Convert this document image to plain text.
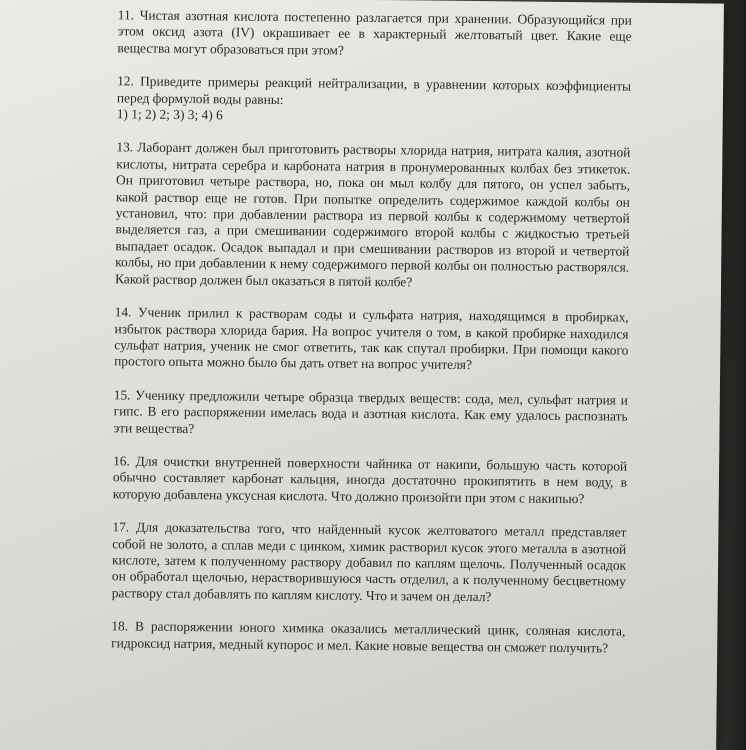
11. Чистая азотная кислота постепенно разлагается при хранении. Образующийся при этом оксид азота (IV) окрашивает ее в характерный желтоватый цвет. Какие еще вещества могут образоваться при этом?

12. Приведите примеры реакций нейтрализации, в уравнении которых коэффициенты перед формулой воды равны:

1) 1; 2) 2; 3) 3; 4) 6

13. Лаборант должен был приготовить растворы хлорида натрия, нитрата калия, азотной кислоты, нитрата серебра и карбоната натрия в пронумерованных колбах без этикеток. Он приготовил четыре раствора, но, пока он мыл колбу для пятого, он успел забыть, какой раствор еще не готов. При попытке определить содержимое каждой колбы он установил, что: при добавлении раствора из первой колбы к содержимому четвертой выделяется газ, а при смешивании содержимого второй колбы с жидкостью третьей выпадает осадок. Осадок выпадал и при смешивании растворов из второй и четвертой колбы, но при добавлении к нему содержимого первой колбы он полностью растворялся. Какой раствор должен был оказаться в пятой колбе?

14. Ученик прилил к растворам соды и сульфата натрия, находящимся в пробирках, избыток раствора хлорида бария. На вопрос учителя о том, в какой пробирке находился сульфат натрия, ученик не смог ответить, так как спутал пробирки. При помощи какого простого опыта можно было бы дать ответ на вопрос учителя?

15. Ученику предложили четыре образца твердых веществ: сода, мел, сульфат натрия и гипс. В его распоряжении имелась вода и азотная кислота. Как ему удалось распознать эти вещества?

16. Для очистки внутренней поверхности чайника от накипи, большую часть которой обычно составляет карбонат кальция, иногда достаточно прокипятить в нем воду, в которую добавлена уксусная кислота. Что должно произойти при этом с накипью?

17. Для доказательства того, что найденный кусок желтоватого металл представляет собой не золото, а сплав меди с цинком, химик растворил кусок этого металла в азотной кислоте, затем к полученному раствору добавил по каплям щелочь. Полученный осадок он обработал щелочью, нерастворившуюся часть отделил, а к полученному бесцветному раствору стал добавлять по каплям кислоту. Что и зачем он делал?

18. В распоряжении юного химика оказались металлический цинк, соляная кислота, гидроксид натрия, медный купорос и мел. Какие новые вещества он сможет получить?
